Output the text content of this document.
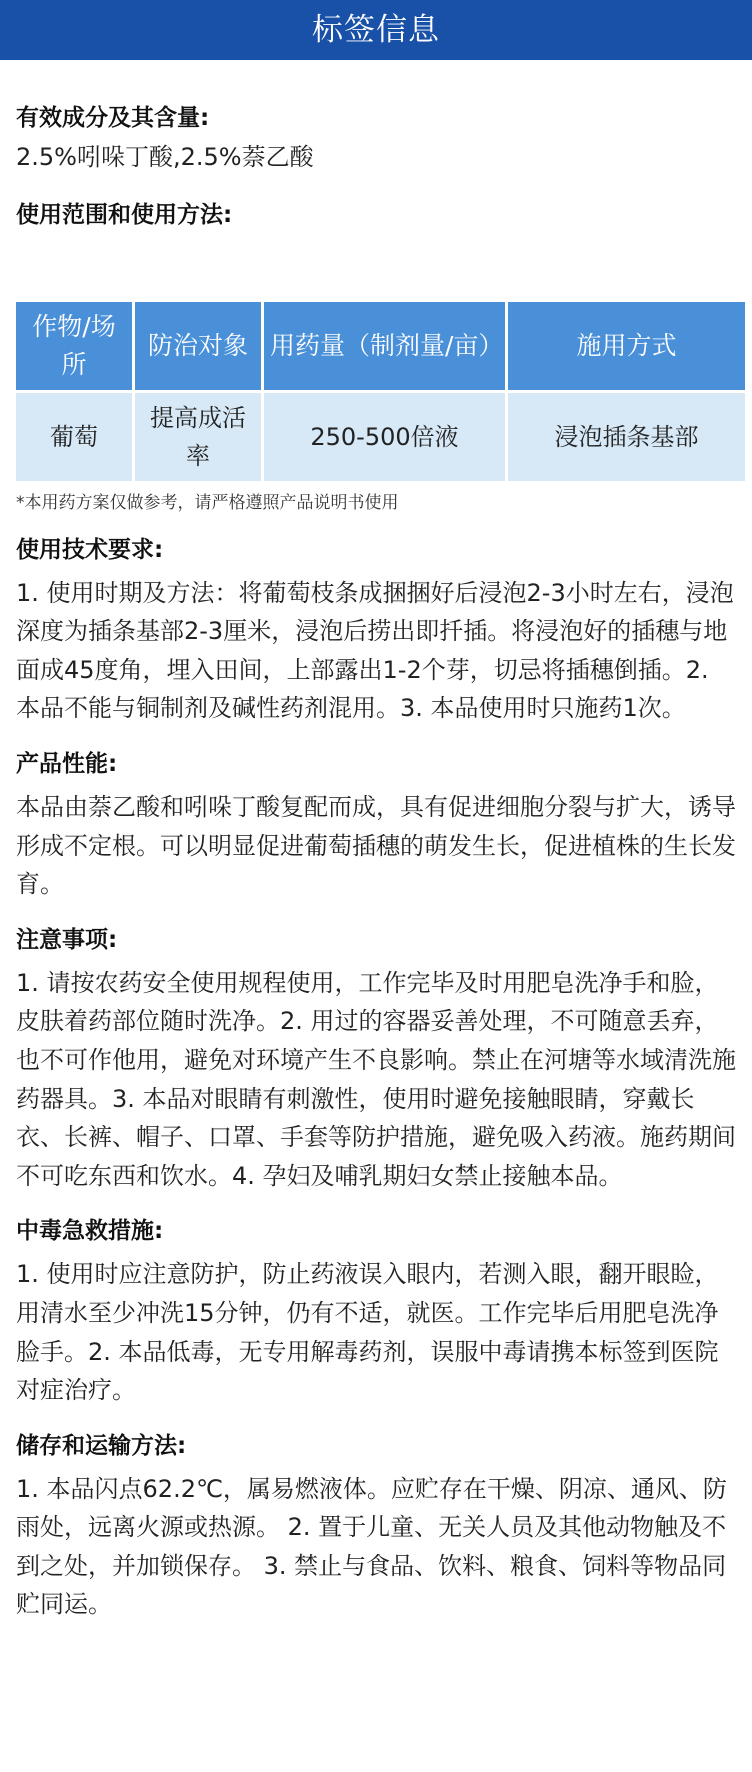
标签信息
有效成分及其含量:
2.5%吲哚丁酸,2.5%萘乙酸
使用范围和使用方法:
作物/场所	防治对象	用药量（制剂量/亩）	施用方式
葡萄	提高成活率	250-500倍液	浸泡插条基部
*本用药方案仅做参考，请严格遵照产品说明书使用
使用技术要求:
1. 使用时期及方法：将葡萄枝条成捆捆好后浸泡2-3小时左右，浸泡深度为插条基部2-3厘米，浸泡后捞出即扦插。将浸泡好的插穗与地面成45度角，埋入田间，上部露出1-2个芽，切忌将插穗倒插。2. 本品不能与铜制剂及碱性药剂混用。3. 本品使用时只施药1次。
产品性能:
本品由萘乙酸和吲哚丁酸复配而成，具有促进细胞分裂与扩大，诱导形成不定根。可以明显促进葡萄插穗的萌发生长，促进植株的生长发育。
注意事项:
1. 请按农药安全使用规程使用，工作完毕及时用肥皂洗净手和脸，皮肤着药部位随时洗净。2. 用过的容器妥善处理，不可随意丢弃，也不可作他用，避免对环境产生不良影响。禁止在河塘等水域清洗施药器具。3. 本品对眼睛有刺激性，使用时避免接触眼睛，穿戴长衣、长裤、帽子、口罩、手套等防护措施，避免吸入药液。施药期间不可吃东西和饮水。4. 孕妇及哺乳期妇女禁止接触本品。
中毒急救措施:
1. 使用时应注意防护，防止药液误入眼内，若测入眼，翻开眼睑，用清水至少冲洗15分钟，仍有不适，就医。工作完毕后用肥皂洗净脸手。2. 本品低毒，无专用解毒药剂，误服中毒请携本标签到医院对症治疗。
储存和运输方法:
1. 本品闪点62.2℃，属易燃液体。应贮存在干燥、阴凉、通风、防雨处，远离火源或热源。 2. 置于儿童、无关人员及其他动物触及不到之处，并加锁保存。 3. 禁止与食品、饮料、粮食、饲料等物品同贮同运。
